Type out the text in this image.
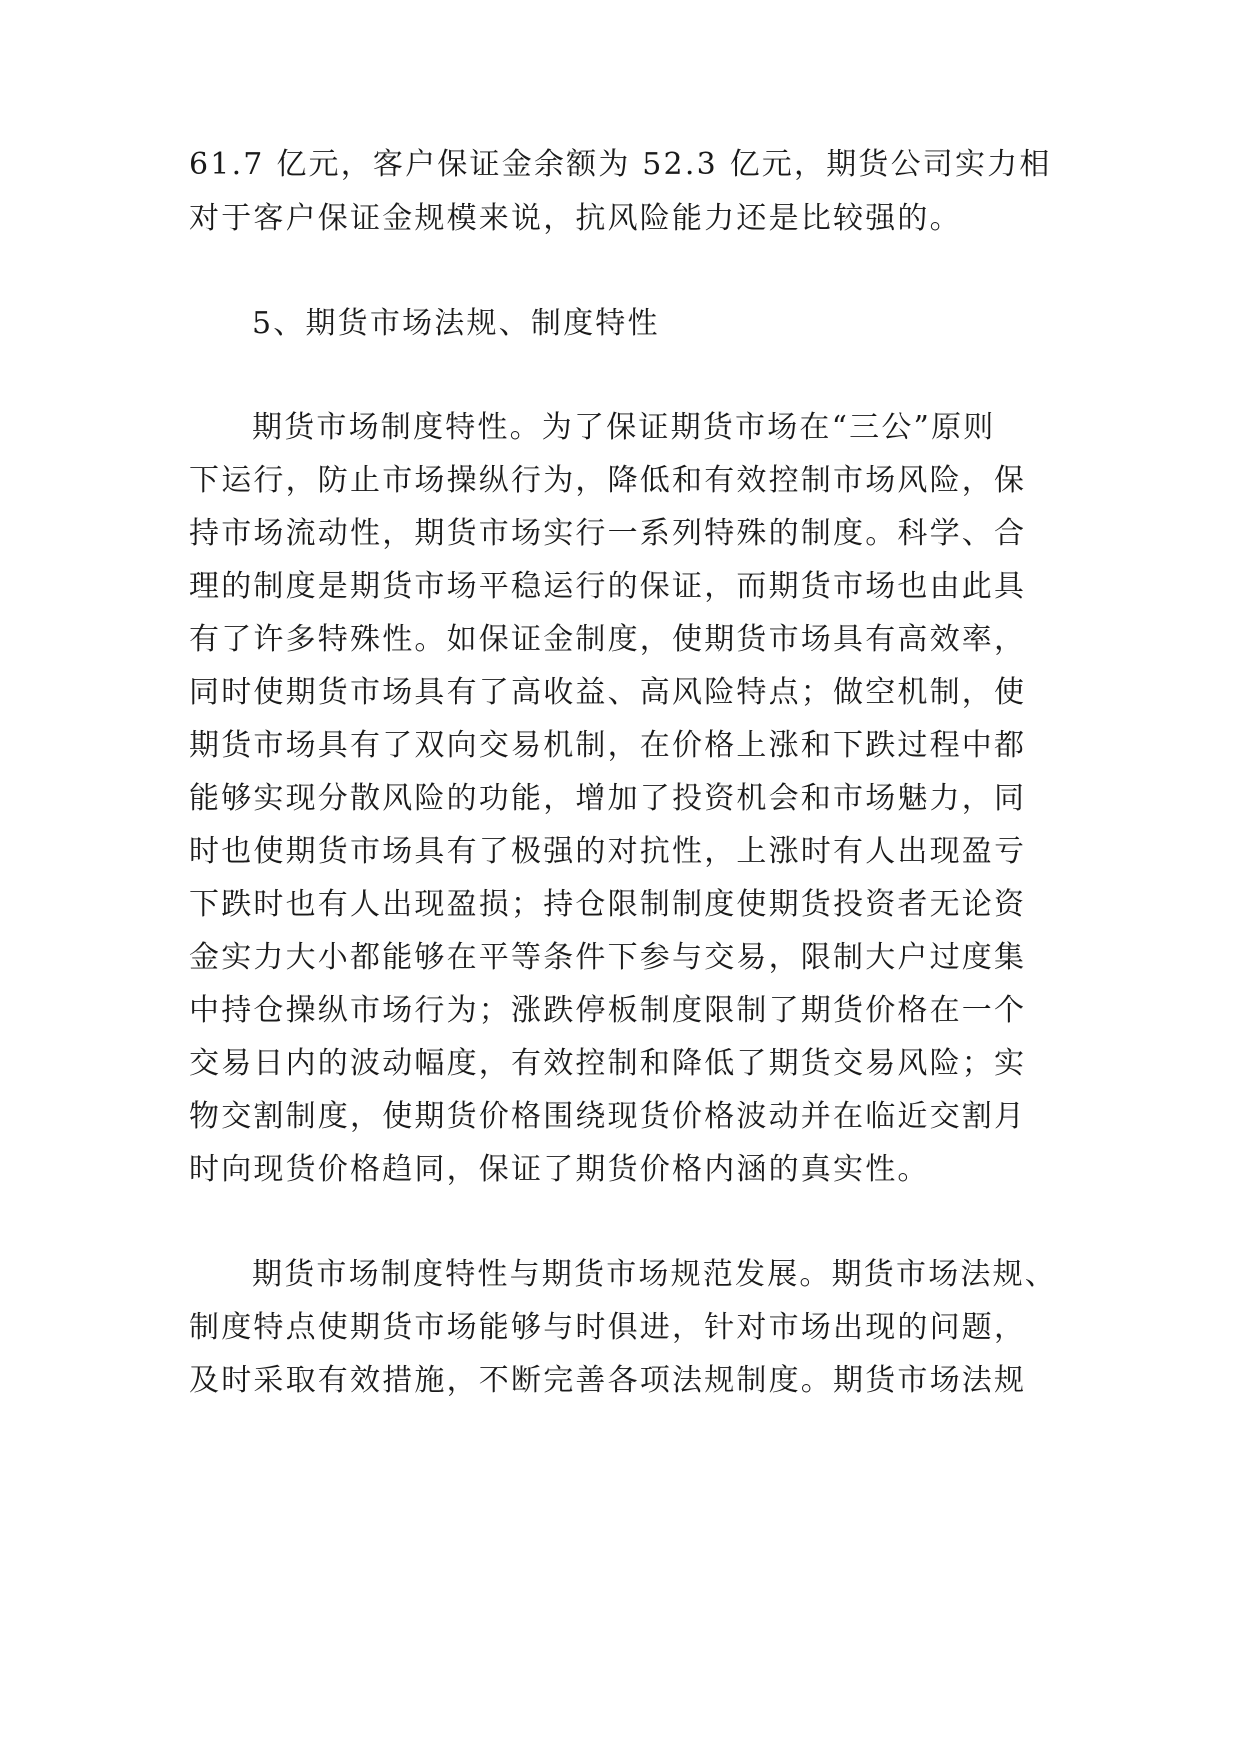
61.7 亿元，客户保证金余额为 52.3 亿元，期货公司实力相
对于客户保证金规模来说，抗风险能力还是比较强的。
5、期货市场法规、制度特性
期货市场制度特性。为了保证期货市场在“三公”原则
下运行，防止市场操纵行为，降低和有效控制市场风险，保
持市场流动性，期货市场实行一系列特殊的制度。科学、合
理的制度是期货市场平稳运行的保证，而期货市场也由此具
有了许多特殊性。如保证金制度，使期货市场具有高效率，
同时使期货市场具有了高收益、高风险特点；做空机制，使
期货市场具有了双向交易机制，在价格上涨和下跌过程中都
能够实现分散风险的功能，增加了投资机会和市场魅力，同
时也使期货市场具有了极强的对抗性，上涨时有人出现盈亏
下跌时也有人出现盈损；持仓限制制度使期货投资者无论资
金实力大小都能够在平等条件下参与交易，限制大户过度集
中持仓操纵市场行为；涨跌停板制度限制了期货价格在一个
交易日内的波动幅度，有效控制和降低了期货交易风险；实
物交割制度，使期货价格围绕现货价格波动并在临近交割月
时向现货价格趋同，保证了期货价格内涵的真实性。
期货市场制度特性与期货市场规范发展。期货市场法规、
制度特点使期货市场能够与时俱进，针对市场出现的问题，
及时采取有效措施，不断完善各项法规制度。期货市场法规
